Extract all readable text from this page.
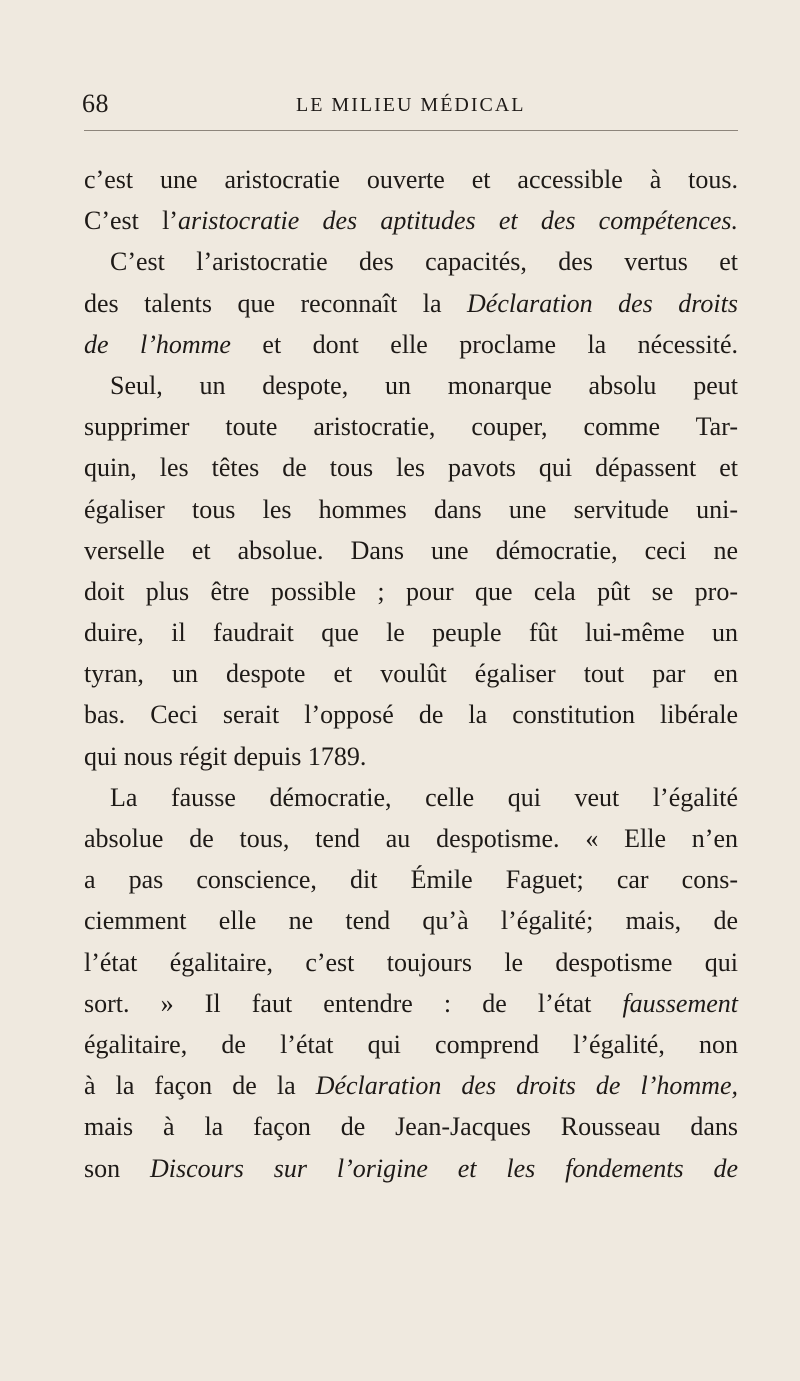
68	LE MILIEU MÉDICAL
c’est une aristocratie ouverte et accessible à tous.
C’est l’aristocratie des aptitudes et des compétences.
C’est l’aristocratie des capacités, des vertus et
des talents que reconnaît la Déclaration des droits
de l’homme et dont elle proclame la nécessité.
Seul, un despote, un monarque absolu peut
supprimer toute aristocratie, couper, comme Tar-
quin, les têtes de tous les pavots qui dépassent et
égaliser tous les hommes dans une servitude uni-
verselle et absolue. Dans une démocratie, ceci ne
doit plus être possible ; pour que cela pût se pro-
duire, il faudrait que le peuple fût lui-même un
tyran, un despote et voulût égaliser tout par en
bas. Ceci serait l’opposé de la constitution libérale
qui nous régit depuis 1789.
La fausse démocratie, celle qui veut l’égalité
absolue de tous, tend au despotisme. « Elle n’en
a pas conscience, dit Émile Faguet; car cons-
ciemment elle ne tend qu’à l’égalité; mais, de
l’état égalitaire, c’est toujours le despotisme qui
sort. » Il faut entendre : de l’état faussement
égalitaire, de l’état qui comprend l’égalité, non
à la façon de la Déclaration des droits de l’homme,
mais à la façon de Jean-Jacques Rousseau dans
son Discours sur l’origine et les fondements de
